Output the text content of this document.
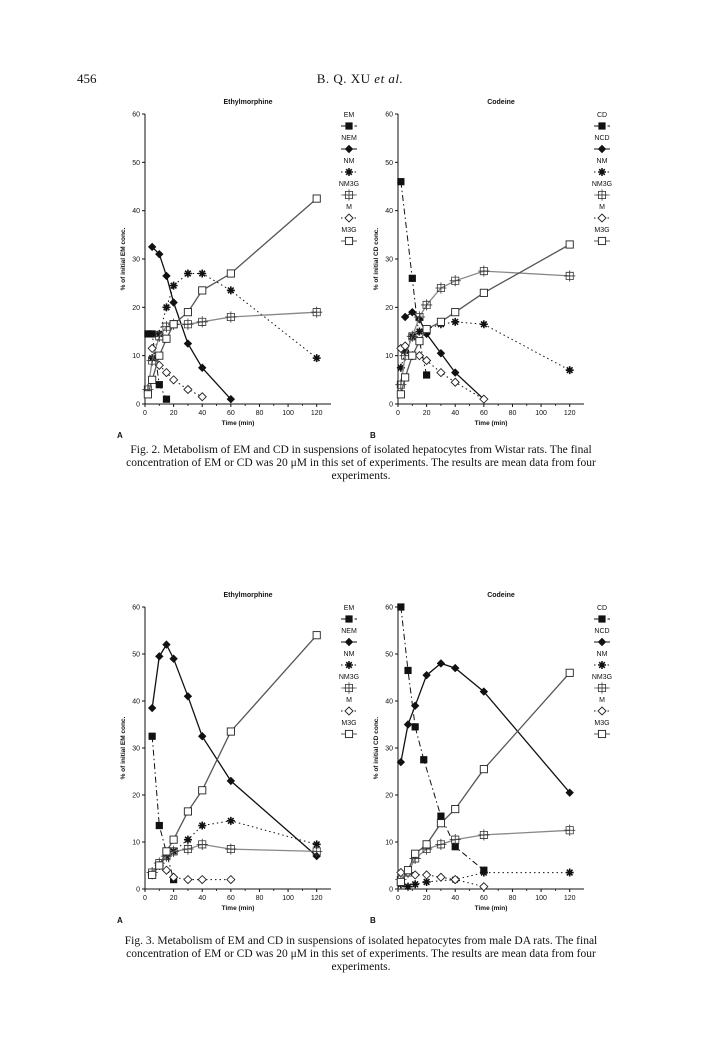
456	B. Q. XU et al.
0
10
20
30
40
50
60
0	20	40	60	80	100 120
Ethylmorphine
Time (min)
% of initial EM conc.
A
EM
NEM
NM
NM3G
M
M3G
0
10
20
30
40
50
60
0	20	40	60	80	100 120
Codeine
Time (min)
% of initial CD conc.
B
CD
NCD
NM
NM3G
M
M3G
Fig. 2. Metabolism of EM and CD in suspensions of isolated hepatocytes from Wistar rats. The final concentration of EM or CD was 20 μM in this set of experiments. The results are mean data from four experiments.
0
10
20
30
40
50
60
0	20	40	60	80	100 120
Ethylmorphine
Time (min)
% of initial EM conc.
A
EM
NEM
NM
NM3G
M
M3G
0
10
20
30
40
50
60
0	20	40	60	80	100 120
Codeine
Time (min)
% of initial CD conc.
B
CD
NCD
NM
NM3G
M
M3G
Fig. 3. Metabolism of EM and CD in suspensions of isolated hepatocytes from male DA rats. The final concentration of EM or CD was 20 μM in this set of experiments. The results are mean data from four experiments.
